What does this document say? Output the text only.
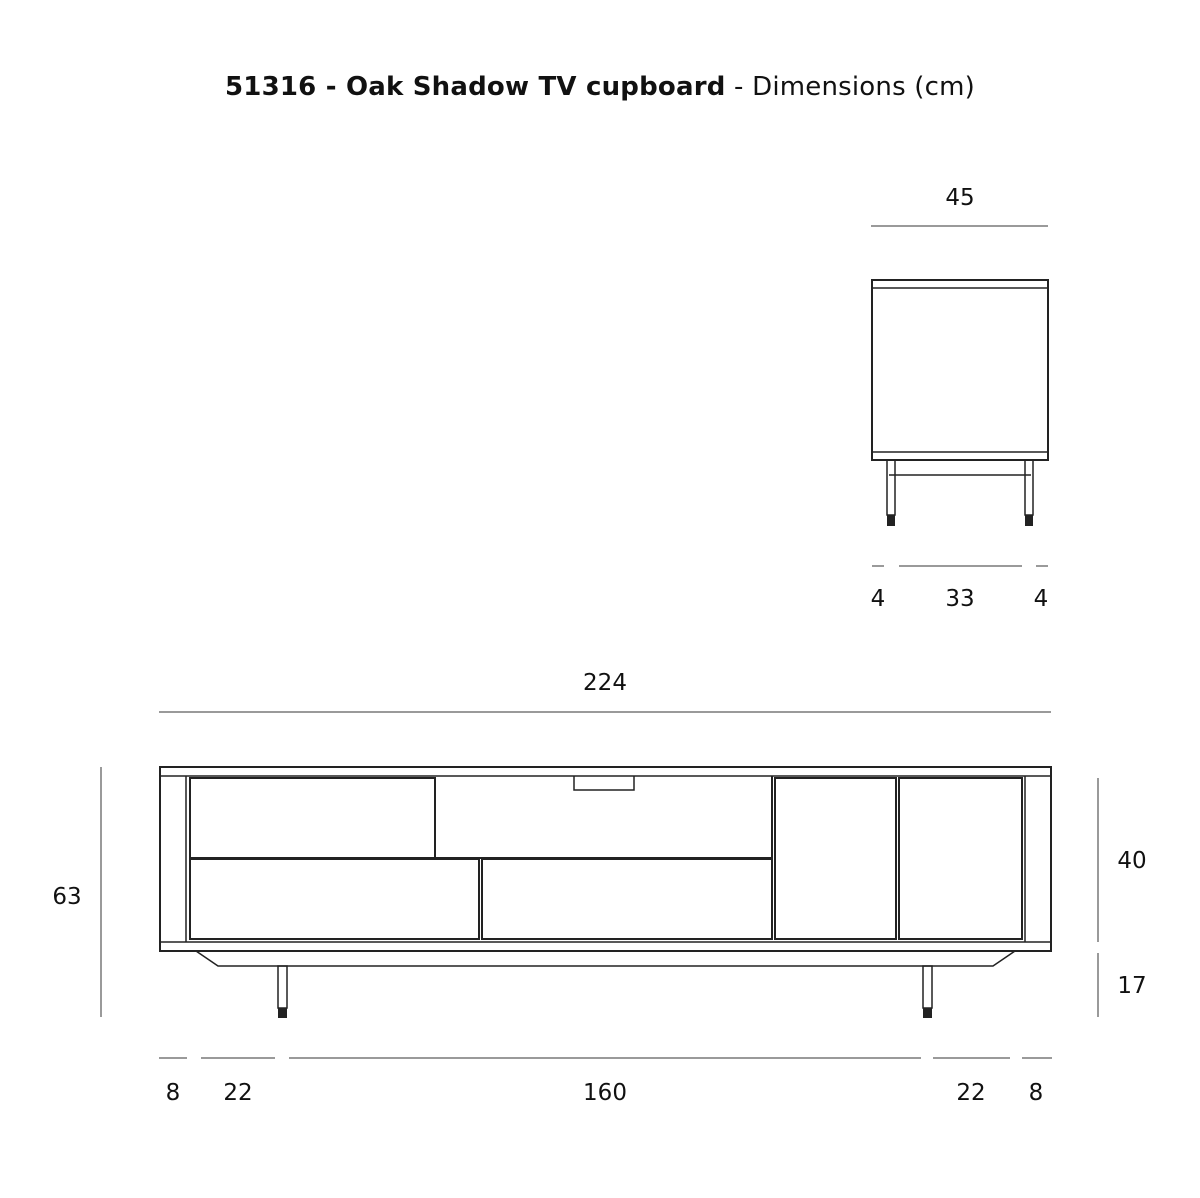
51316 - Oak Shadow TV cupboard - Dimensions (cm)
45
4	33	4
224
63
40
17
8 22	160	22 8
